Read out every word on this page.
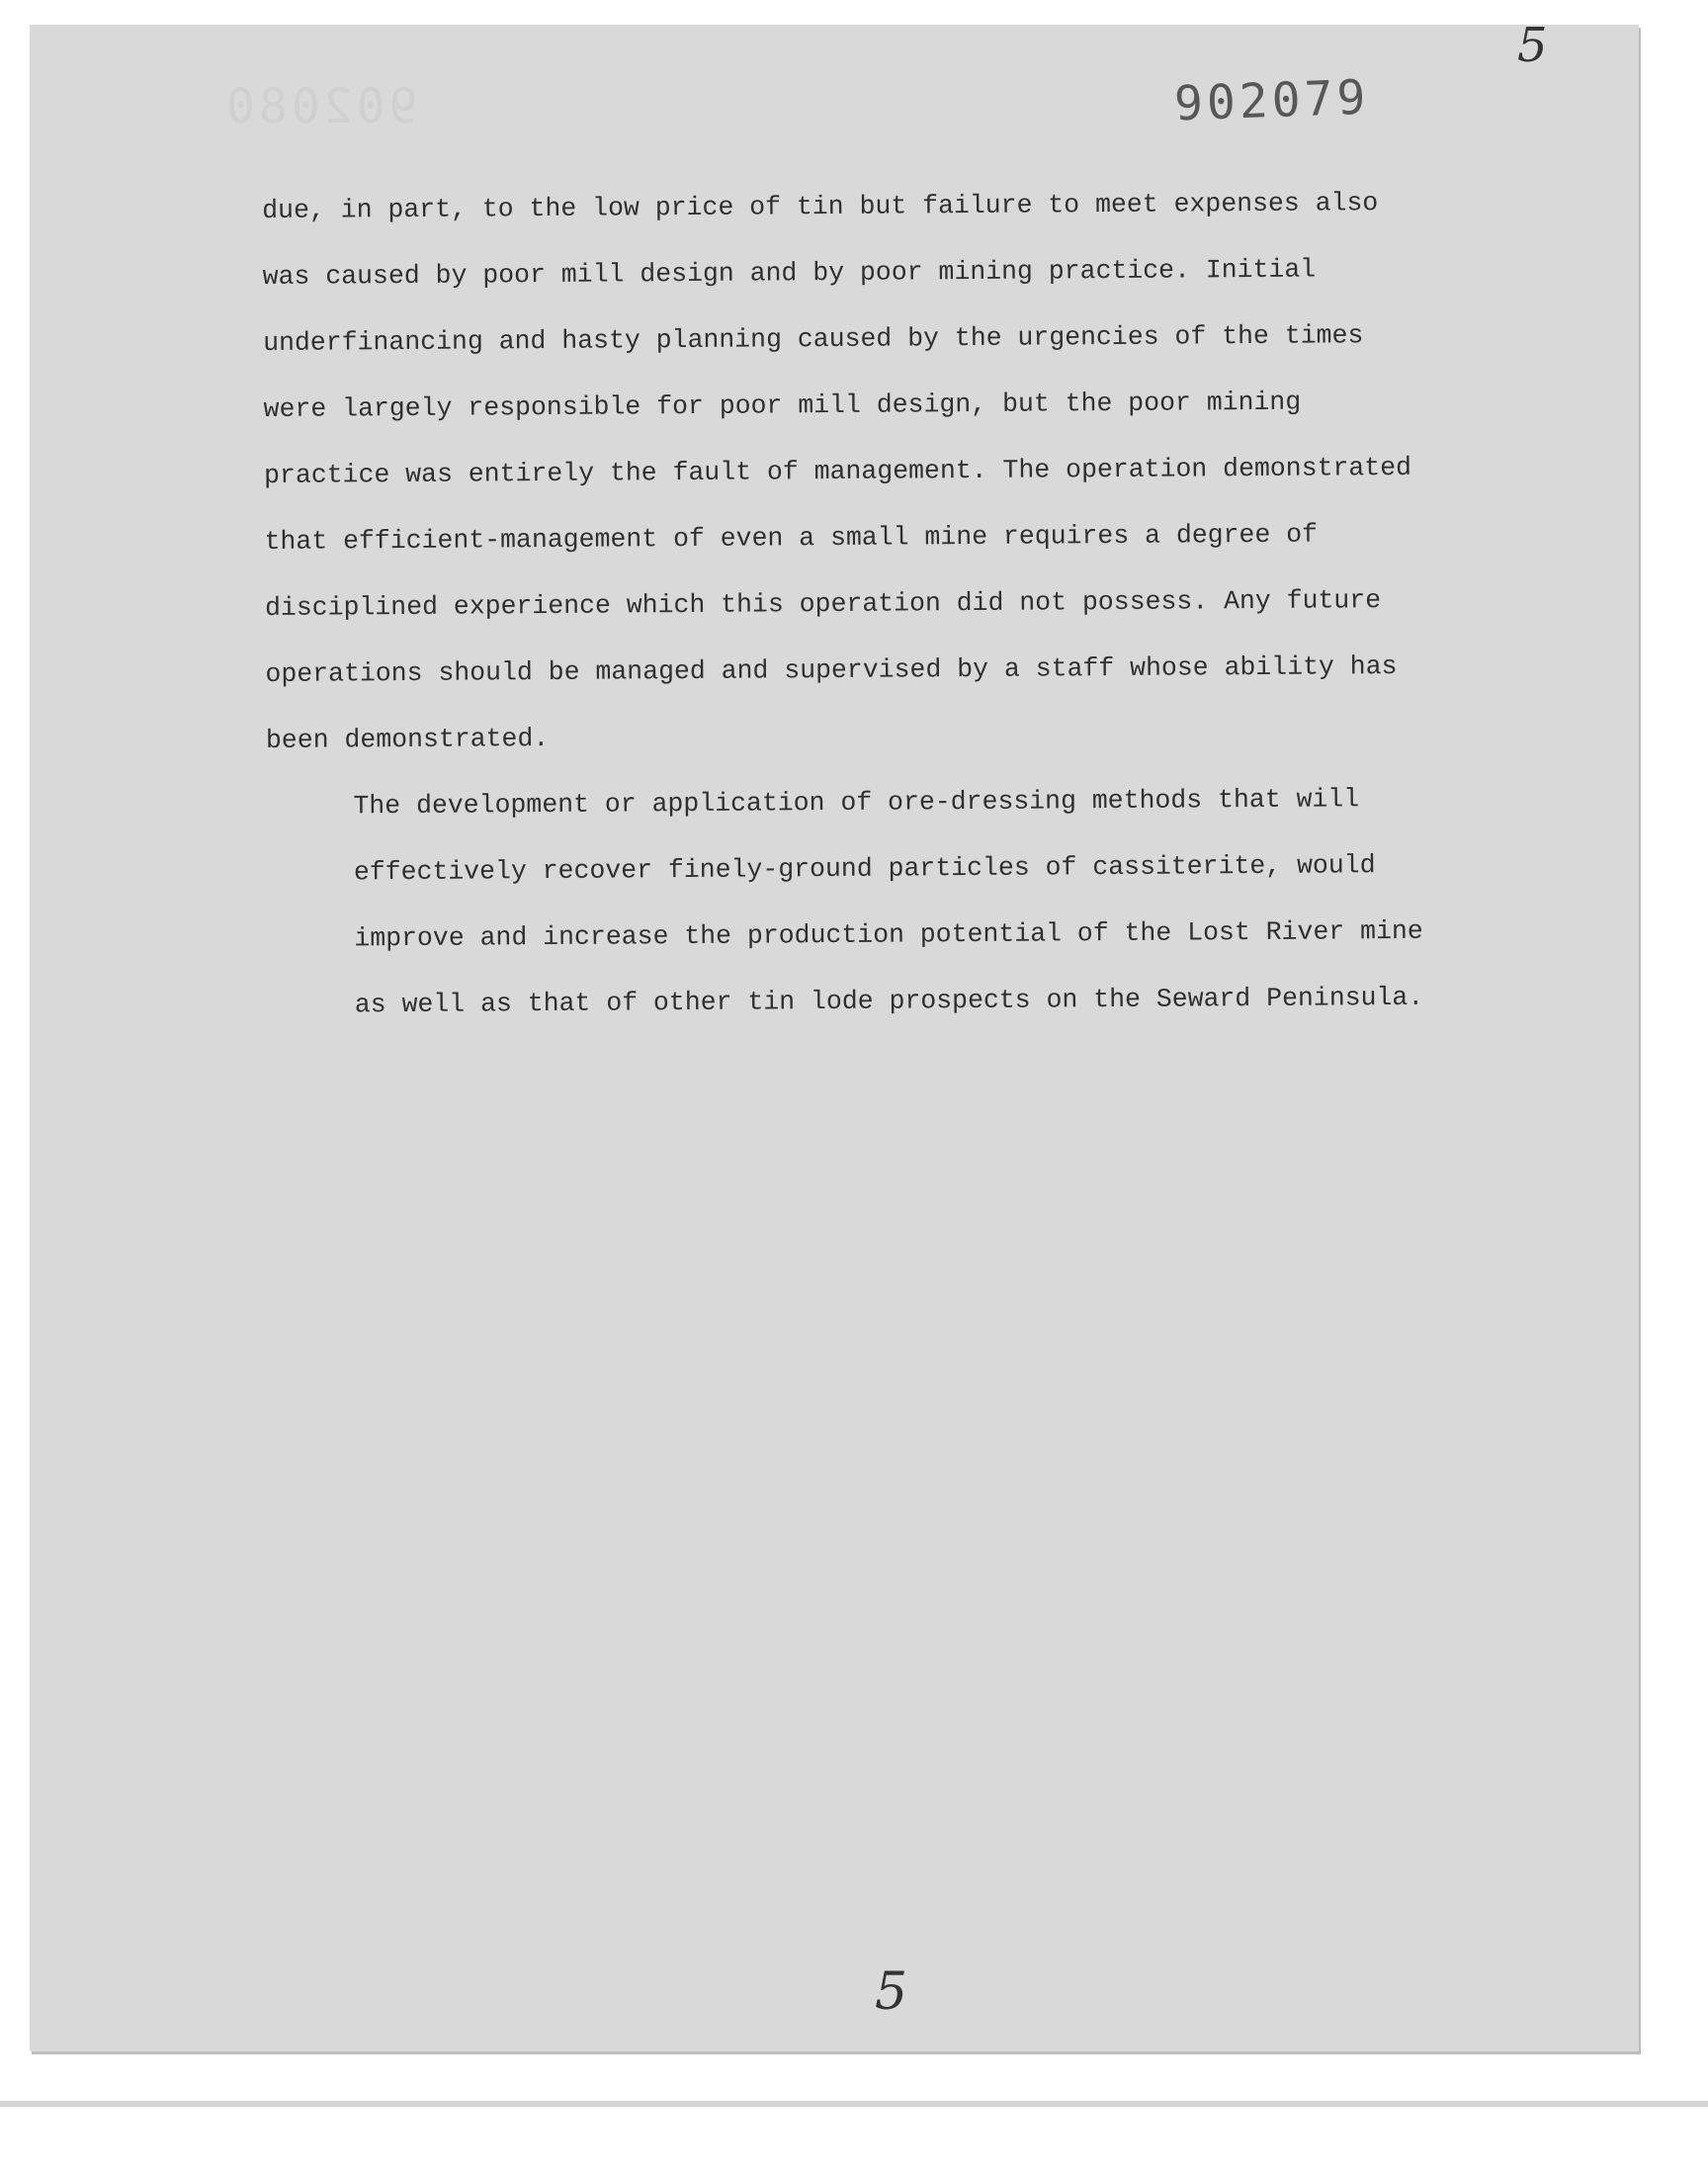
902080
5
902079

due, in part, to the low price of tin but failure to meet expenses also was caused by poor mill design and by poor mining practice. Initial underfinancing and hasty planning caused by the urgencies of the times were largely responsible for poor mill design, but the poor mining practice was entirely the fault of management. The operation demonstrated that efficient-management of even a small mine requires a degree of disciplined experience which this operation did not possess. Any future operations should be managed and supervised by a staff whose ability has been demonstrated.

The development or application of ore-dressing methods that will effectively recover finely-ground particles of cassiterite, would improve and increase the production potential of the Lost River mine as well as that of other tin lode prospects on the Seward Peninsula.

5
